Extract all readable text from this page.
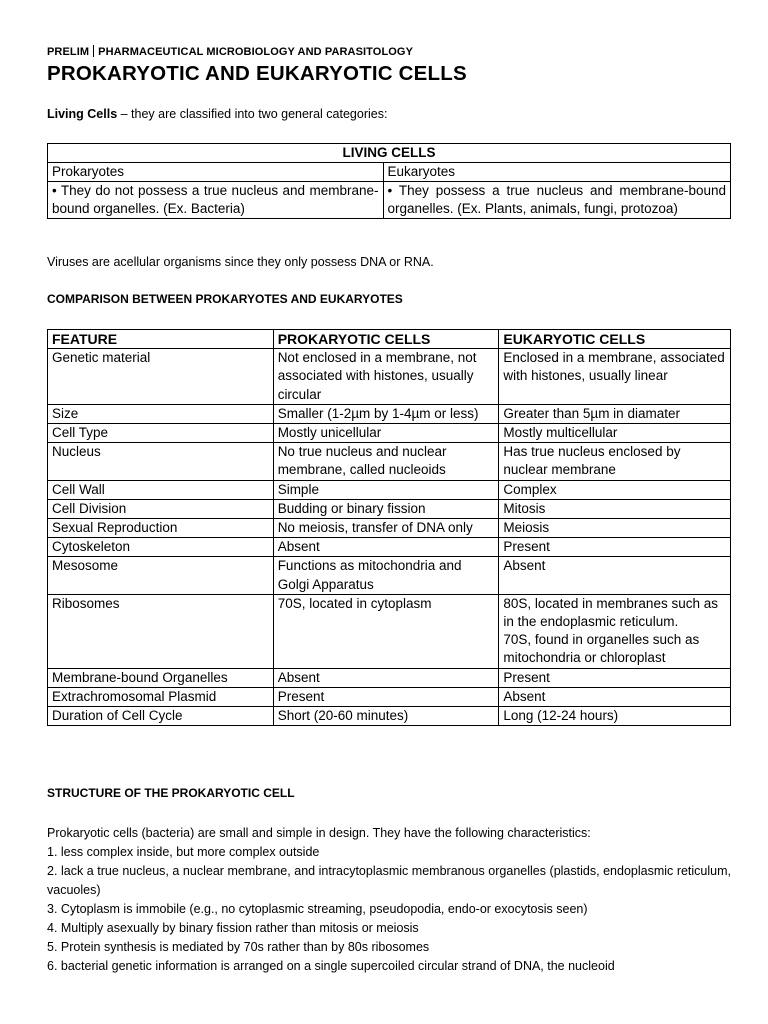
PRELIM PHARMACEUTICAL MICROBIOLOGY AND PARASITOLOGY
PROKARYOTIC AND EUKARYOTIC CELLS
Living Cells – they are classified into two general categories:
LIVING CELLS	
Prokaryotes	Eukaryotes
• They do not possess a true nucleus and membrane-bound organelles. (Ex. Bacteria)	• They possess a true nucleus and membrane-bound organelles. (Ex. Plants, animals, fungi, protozoa)
Viruses are acellular organisms since they only possess DNA or RNA.
COMPARISON BETWEEN PROKARYOTES AND EUKARYOTES
FEATURE	PROKARYOTIC CELLS	EUKARYOTIC CELLS
Genetic material	Not enclosed in a membrane, not associated with histones, usually circular	Enclosed in a membrane, associated with histones, usually linear
Size	Smaller (1-2µm by 1-4µm or less)	Greater than 5µm in diamater
Cell Type	Mostly unicellular	Mostly multicellular
Nucleus	No true nucleus and nuclear membrane, called nucleoids	Has true nucleus enclosed by nuclear membrane
Cell Wall	Simple	Complex
Cell Division	Budding or binary fission	Mitosis
Sexual Reproduction	No meiosis, transfer of DNA only	Meiosis
Cytoskeleton	Absent	Present
Mesosome	Functions as mitochondria and Golgi Apparatus	Absent
Ribosomes	70S, located in cytoplasm	80S, located in membranes such as in the endoplasmic reticulum.
70S, found in organelles such as mitochondria or chloroplast
Membrane-bound Organelles	Absent	Present
Extrachromosomal Plasmid	Present	Absent
Duration of Cell Cycle	Short (20-60 minutes)	Long (12-24 hours)
STRUCTURE OF THE PROKARYOTIC CELL
Prokaryotic cells (bacteria) are small and simple in design. They have the following characteristics:
1. less complex inside, but more complex outside
2. lack a true nucleus, a nuclear membrane, and intracytoplasmic membranous organelles (plastids, endoplasmic reticulum, vacuoles)
3. Cytoplasm is immobile (e.g., no cytoplasmic streaming, pseudopodia, endo-or exocytosis seen)
4. Multiply asexually by binary fission rather than mitosis or meiosis
5. Protein synthesis is mediated by 70s rather than by 80s ribosomes
6. bacterial genetic information is arranged on a single supercoiled circular strand of DNA, the nucleoid
